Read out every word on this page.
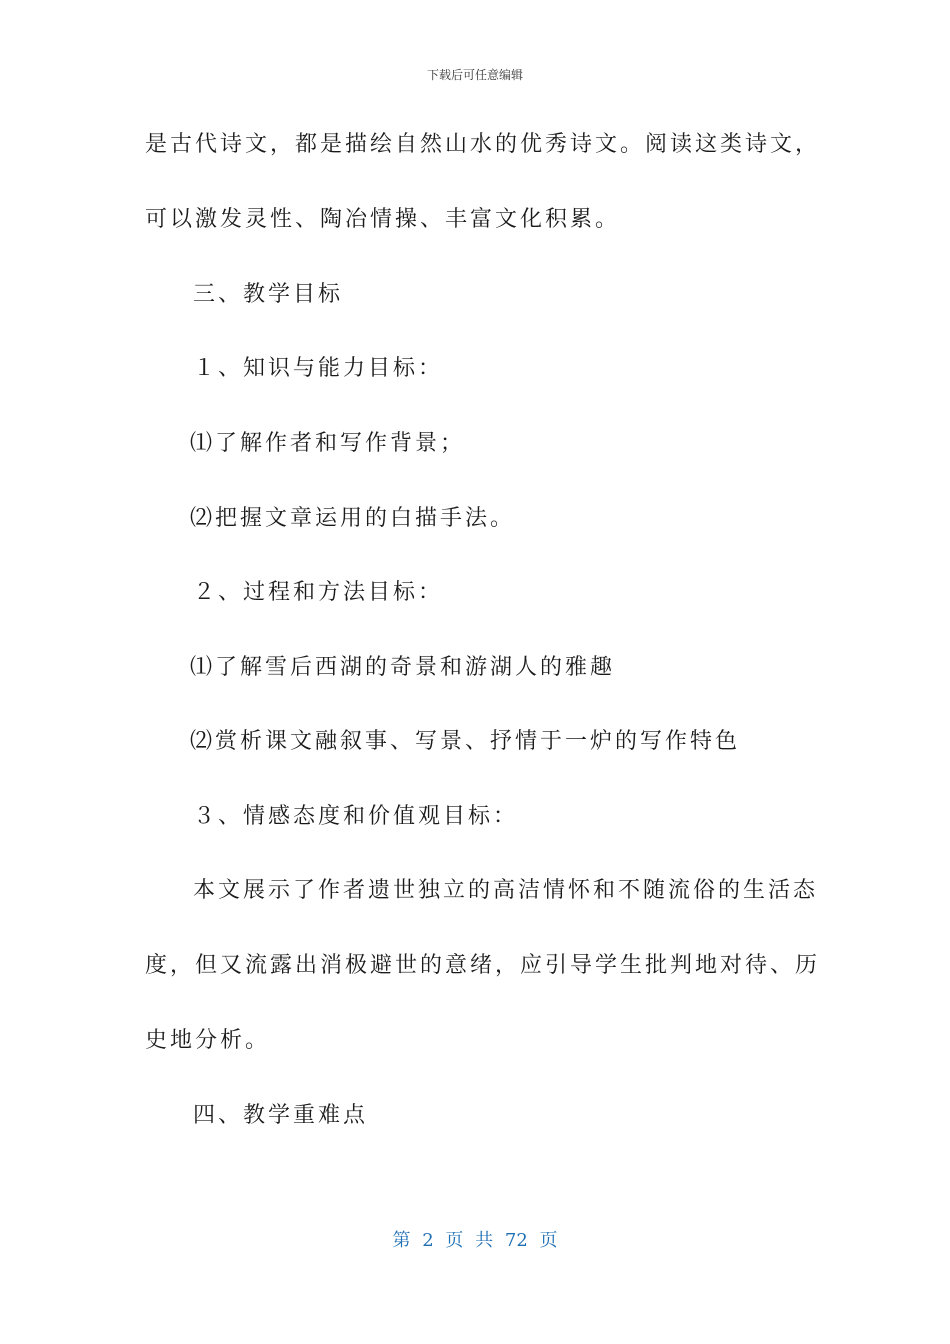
下载后可任意编辑
是古代诗文，都是描绘自然山水的优秀诗文。阅读这类诗文，
可以激发灵性、陶冶情操、丰富文化积累。
三、教学目标
１、知识与能力目标：
⑴了解作者和写作背景；
⑵把握文章运用的白描手法。
２、过程和方法目标：
⑴了解雪后西湖的奇景和游湖人的雅趣
⑵赏析课文融叙事、写景、抒情于一炉的写作特色
３、情感态度和价值观目标：
本文展示了作者遗世独立的高洁情怀和不随流俗的生活态
度，但又流露出消极避世的意绪，应引导学生批判地对待、历
史地分析。
四、教学重难点
第 2 页 共 72 页
